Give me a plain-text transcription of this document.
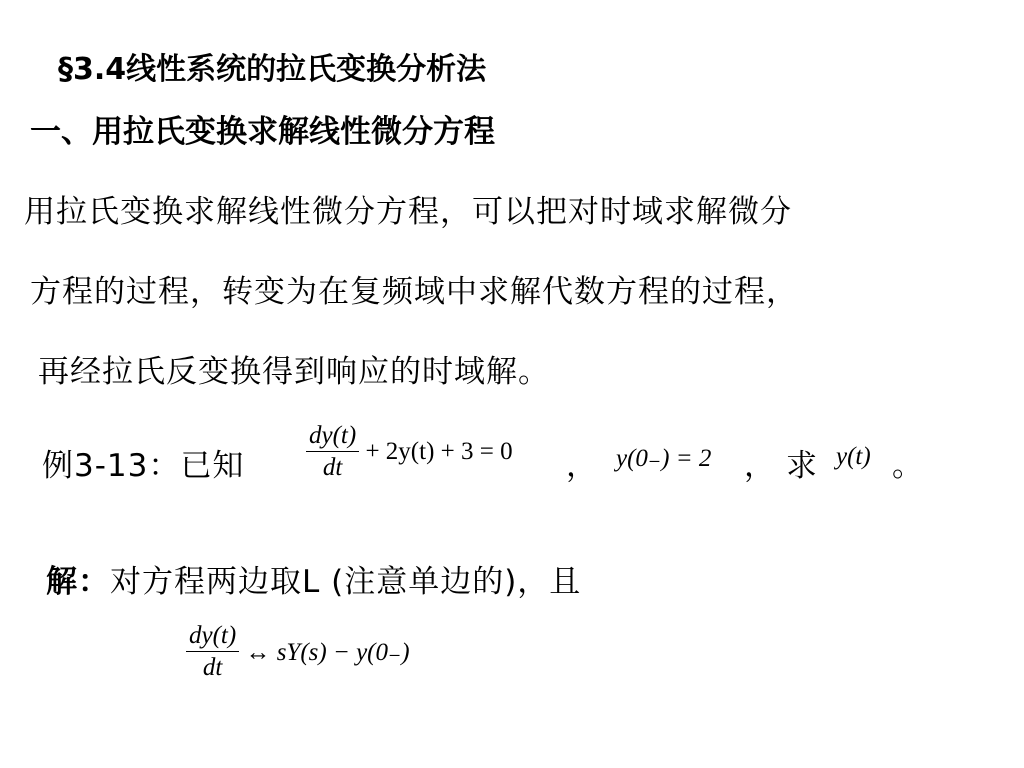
§3.4线性系统的拉氏变换分析法
一、用拉氏变换求解线性微分方程
用拉氏变换求解线性微分方程，可以把对时域求解微分
方程的过程，转变为在复频域中求解代数方程的过程，
再经拉氏反变换得到响应的时域解。
例3-13：已知 $\frac{dy(t)}{dt} + 2y(t) + 3 = 0$ ， y(0₋) = 2 ， 求 y(t) 。
解：对方程两边取L (注意单边的)，且
$\frac{dy(t)}{dt}$ ↔ sY(s) − y(0₋)
